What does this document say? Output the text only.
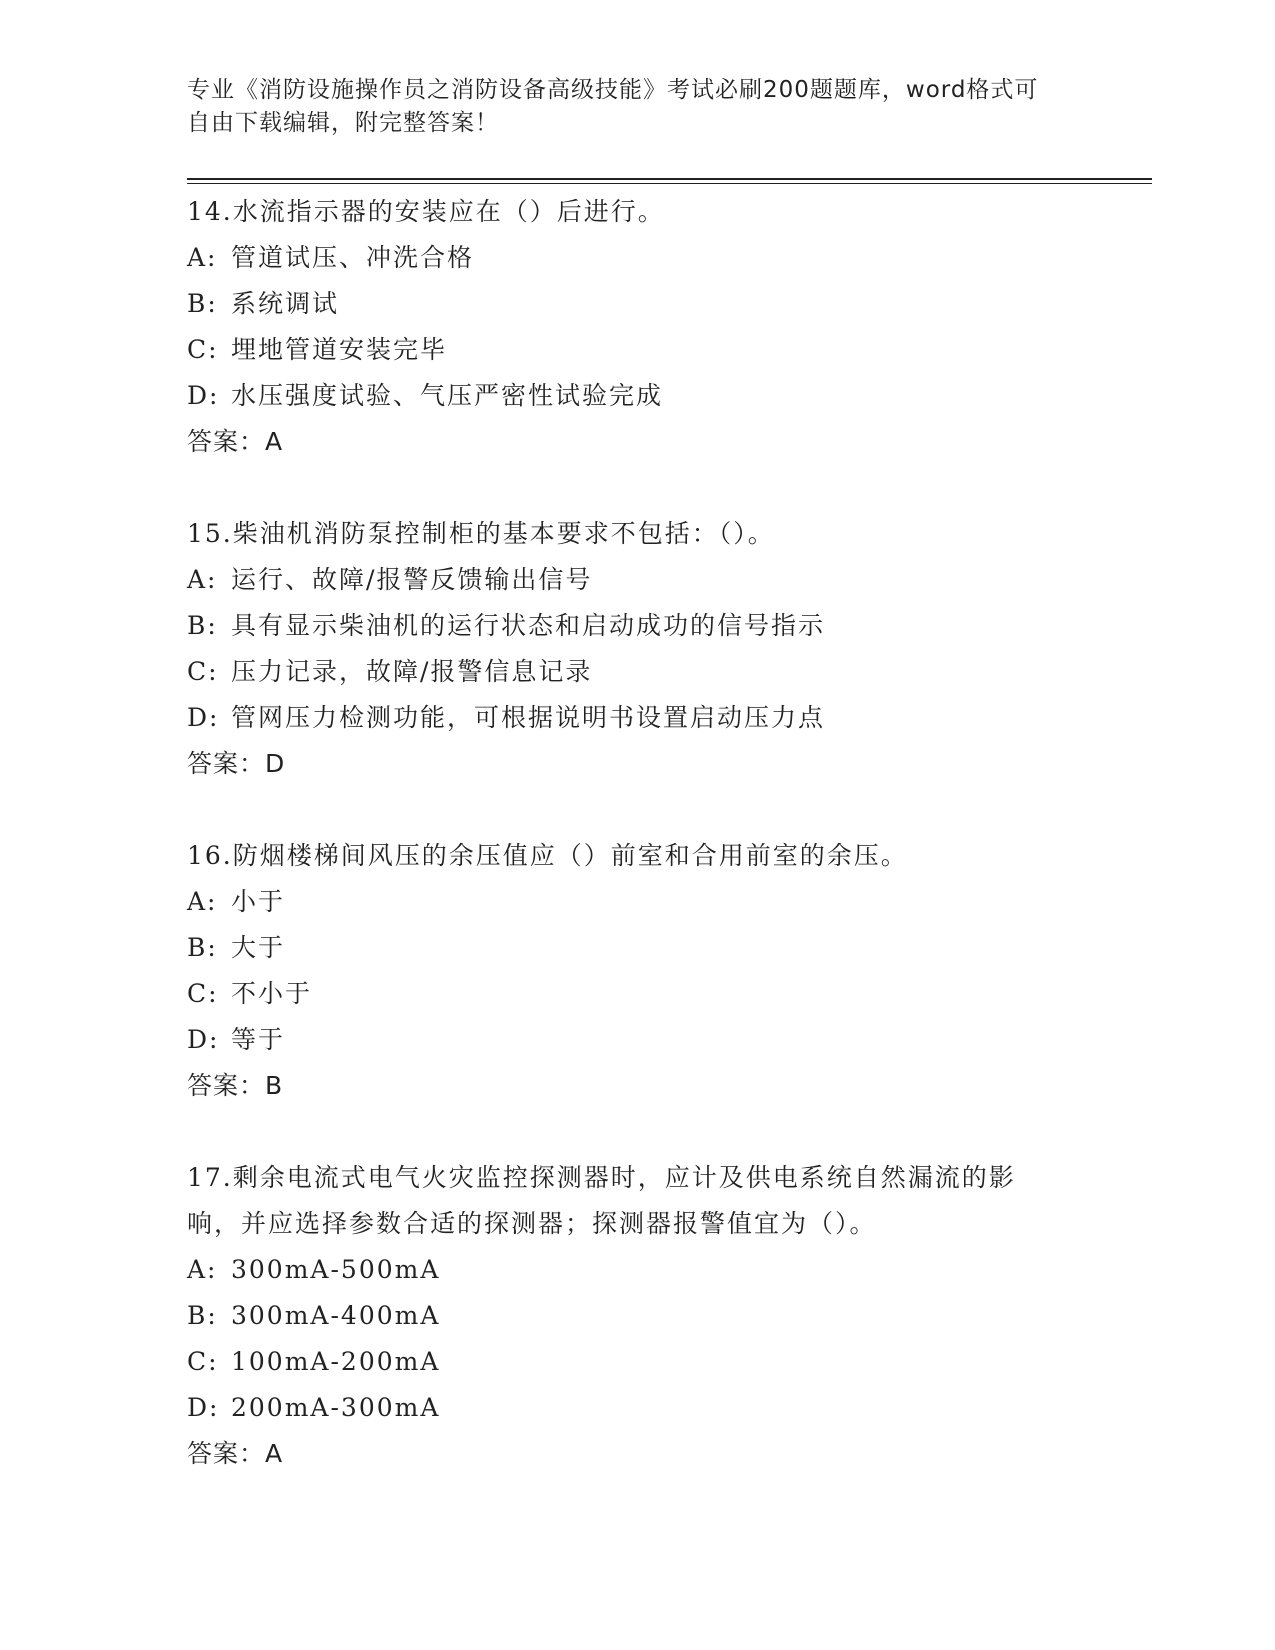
专业《消防设施操作员之消防设备高级技能》考试必刷200题题库，word格式可
自由下载编辑，附完整答案！
14.水流指示器的安装应在（）后进行。
A: 管道试压、冲洗合格
B: 系统调试
C: 埋地管道安装完毕
D: 水压强度试验、气压严密性试验完成
答案：A
15.柴油机消防泵控制柜的基本要求不包括：（）。
A: 运行、故障/报警反馈输出信号
B: 具有显示柴油机的运行状态和启动成功的信号指示
C: 压力记录，故障/报警信息记录
D: 管网压力检测功能，可根据说明书设置启动压力点
答案：D
16.防烟楼梯间风压的余压值应（）前室和合用前室的余压。
A: 小于
B: 大于
C: 不小于
D: 等于
答案：B
17.剩余电流式电气火灾监控探测器时，应计及供电系统自然漏流的影
响，并应选择参数合适的探测器；探测器报警值宜为（）。
A: 300mA-500mA
B: 300mA-400mA
C: 100mA-200mA
D: 200mA-300mA
答案：A
